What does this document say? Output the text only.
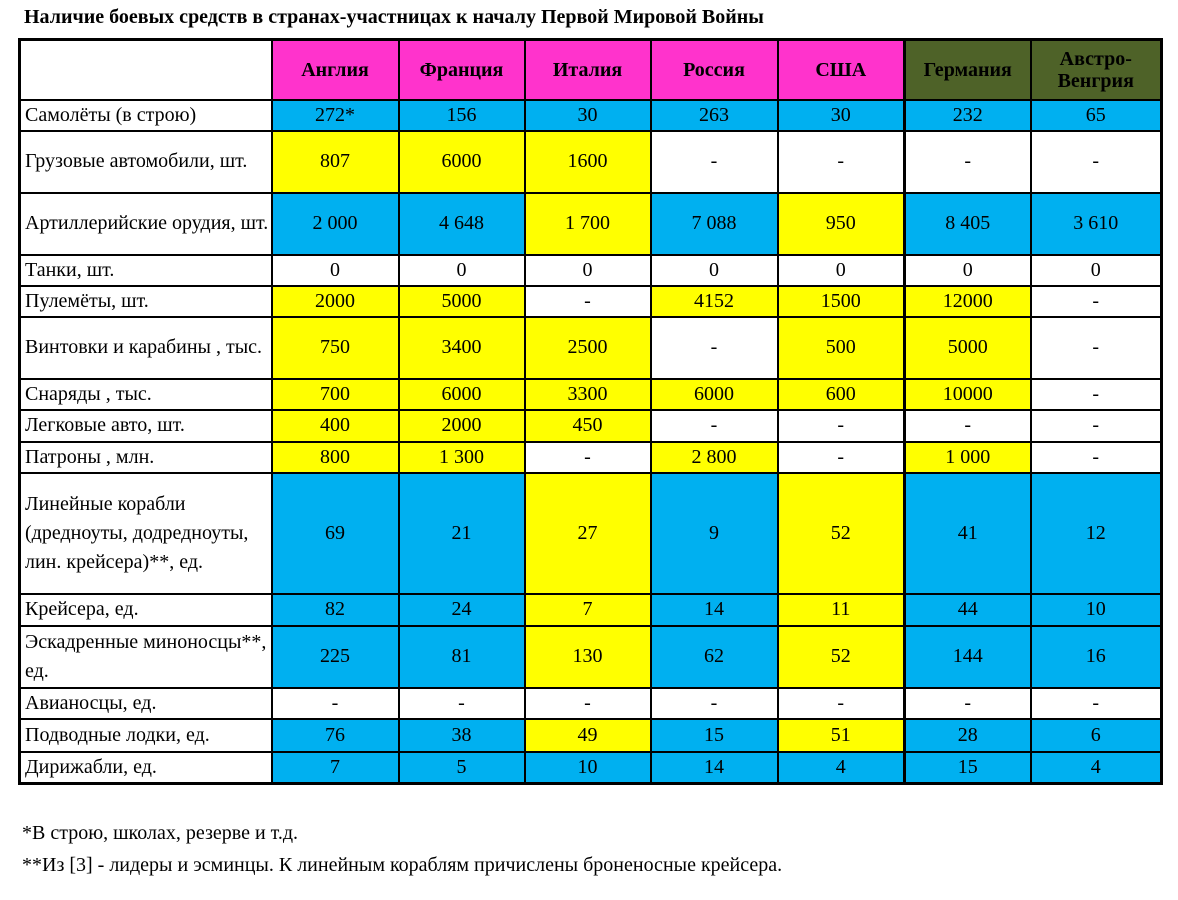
Наличие боевых средств в странах-участницах к началу Первой Мировой Войны
	Англия	Франция	Италия	Россия	США	Германия	Австро-Венгрия
Самолёты (в строю)	272*	156	30	263	30	232	65
Грузовые автомобили, шт.	807	6000	1600	-	-	-	-
Артиллерийские орудия, шт.	2 000	4 648	1 700	7 088	950	8 405	3 610
Танки, шт.	0	0	0	0	0	0	0
Пулемёты, шт.	2000	5000	-	4152	1500	12000	-
Винтовки и карабины , тыс.	750	3400	2500	-	500	5000	-
Снаряды , тыс.	700	6000	3300	6000	600	10000	-
Легковые авто, шт.	400	2000	450	-	-	-	-
Патроны , млн.	800	1 300	-	2 800	-	1 000	-
Линейные корабли (дредноуты, додредноуты, лин. крейсера)**, ед.	69	21	27	9	52	41	12
Крейсера, ед.	82	24	7	14	11	44	10
Эскадренные миноносцы**, ед.	225	81	130	62	52	144	16
Авианосцы, ед.	-	-	-	-	-	-	-
Подводные лодки, ед.	76	38	49	15	51	28	6
Дирижабли, ед.	7	5	10	14	4	15	4
*В строю, школах, резерве и т.д.
**Из [3] - лидеры и эсминцы. К линейным кораблям причислены броненосные крейсера.
